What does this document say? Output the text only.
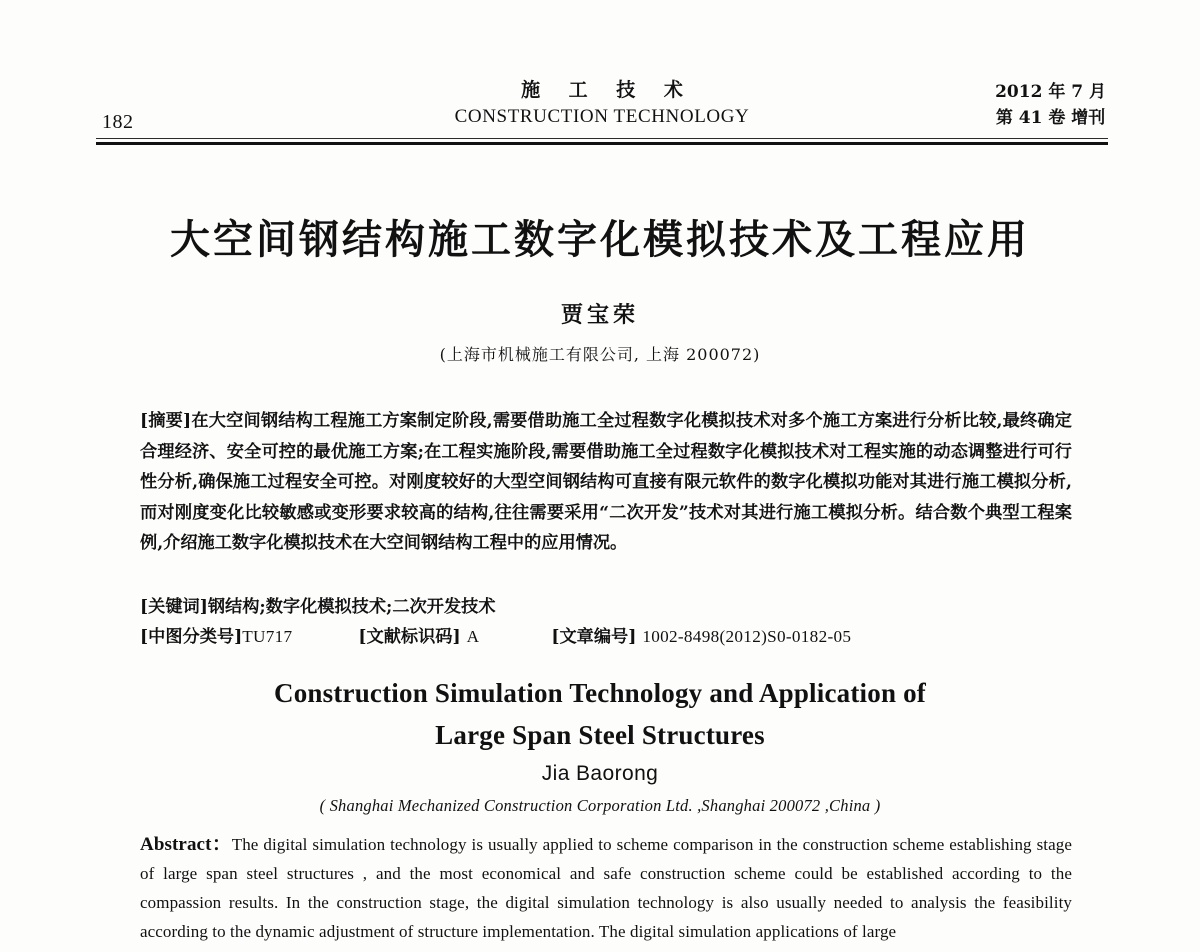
182
施 工 技 术
CONSTRUCTION TECHNOLOGY
2012 年 7 月
第 41 卷 增刊
大空间钢结构施工数字化模拟技术及工程应用
贾宝荣
(上海市机械施工有限公司, 上海 200072)
[摘要]在大空间钢结构工程施工方案制定阶段,需要借助施工全过程数字化模拟技术对多个施工方案进行分析比较,最终确定合理经济、安全可控的最优施工方案;在工程实施阶段,需要借助施工全过程数字化模拟技术对工程实施的动态调整进行可行性分析,确保施工过程安全可控。对刚度较好的大型空间钢结构可直接有限元软件的数字化模拟功能对其进行施工模拟分析,而对刚度变化比较敏感或变形要求较高的结构,往往需要采用“二次开发”技术对其进行施工模拟分析。结合数个典型工程案例,介绍施工数字化模拟技术在大空间钢结构工程中的应用情况。
[关键词]钢结构;数字化模拟技术;二次开发技术
[中图分类号]TU717	[文献标识码] A	[文章编号] 1002-8498(2012)S0-0182-05
Construction Simulation Technology and Application of
Large Span Steel Structures
Jia Baorong
( Shanghai Mechanized Construction Corporation Ltd. ,Shanghai 200072 ,China )
Abstract：The digital simulation technology is usually applied to scheme comparison in the construction scheme establishing stage of large span steel structures , and the most economical and safe construction scheme could be established according to the compassion results. In the construction stage, the digital simulation technology is also usually needed to analysis the feasibility according to the dynamic adjustment of structure implementation. The digital simulation applications of large
